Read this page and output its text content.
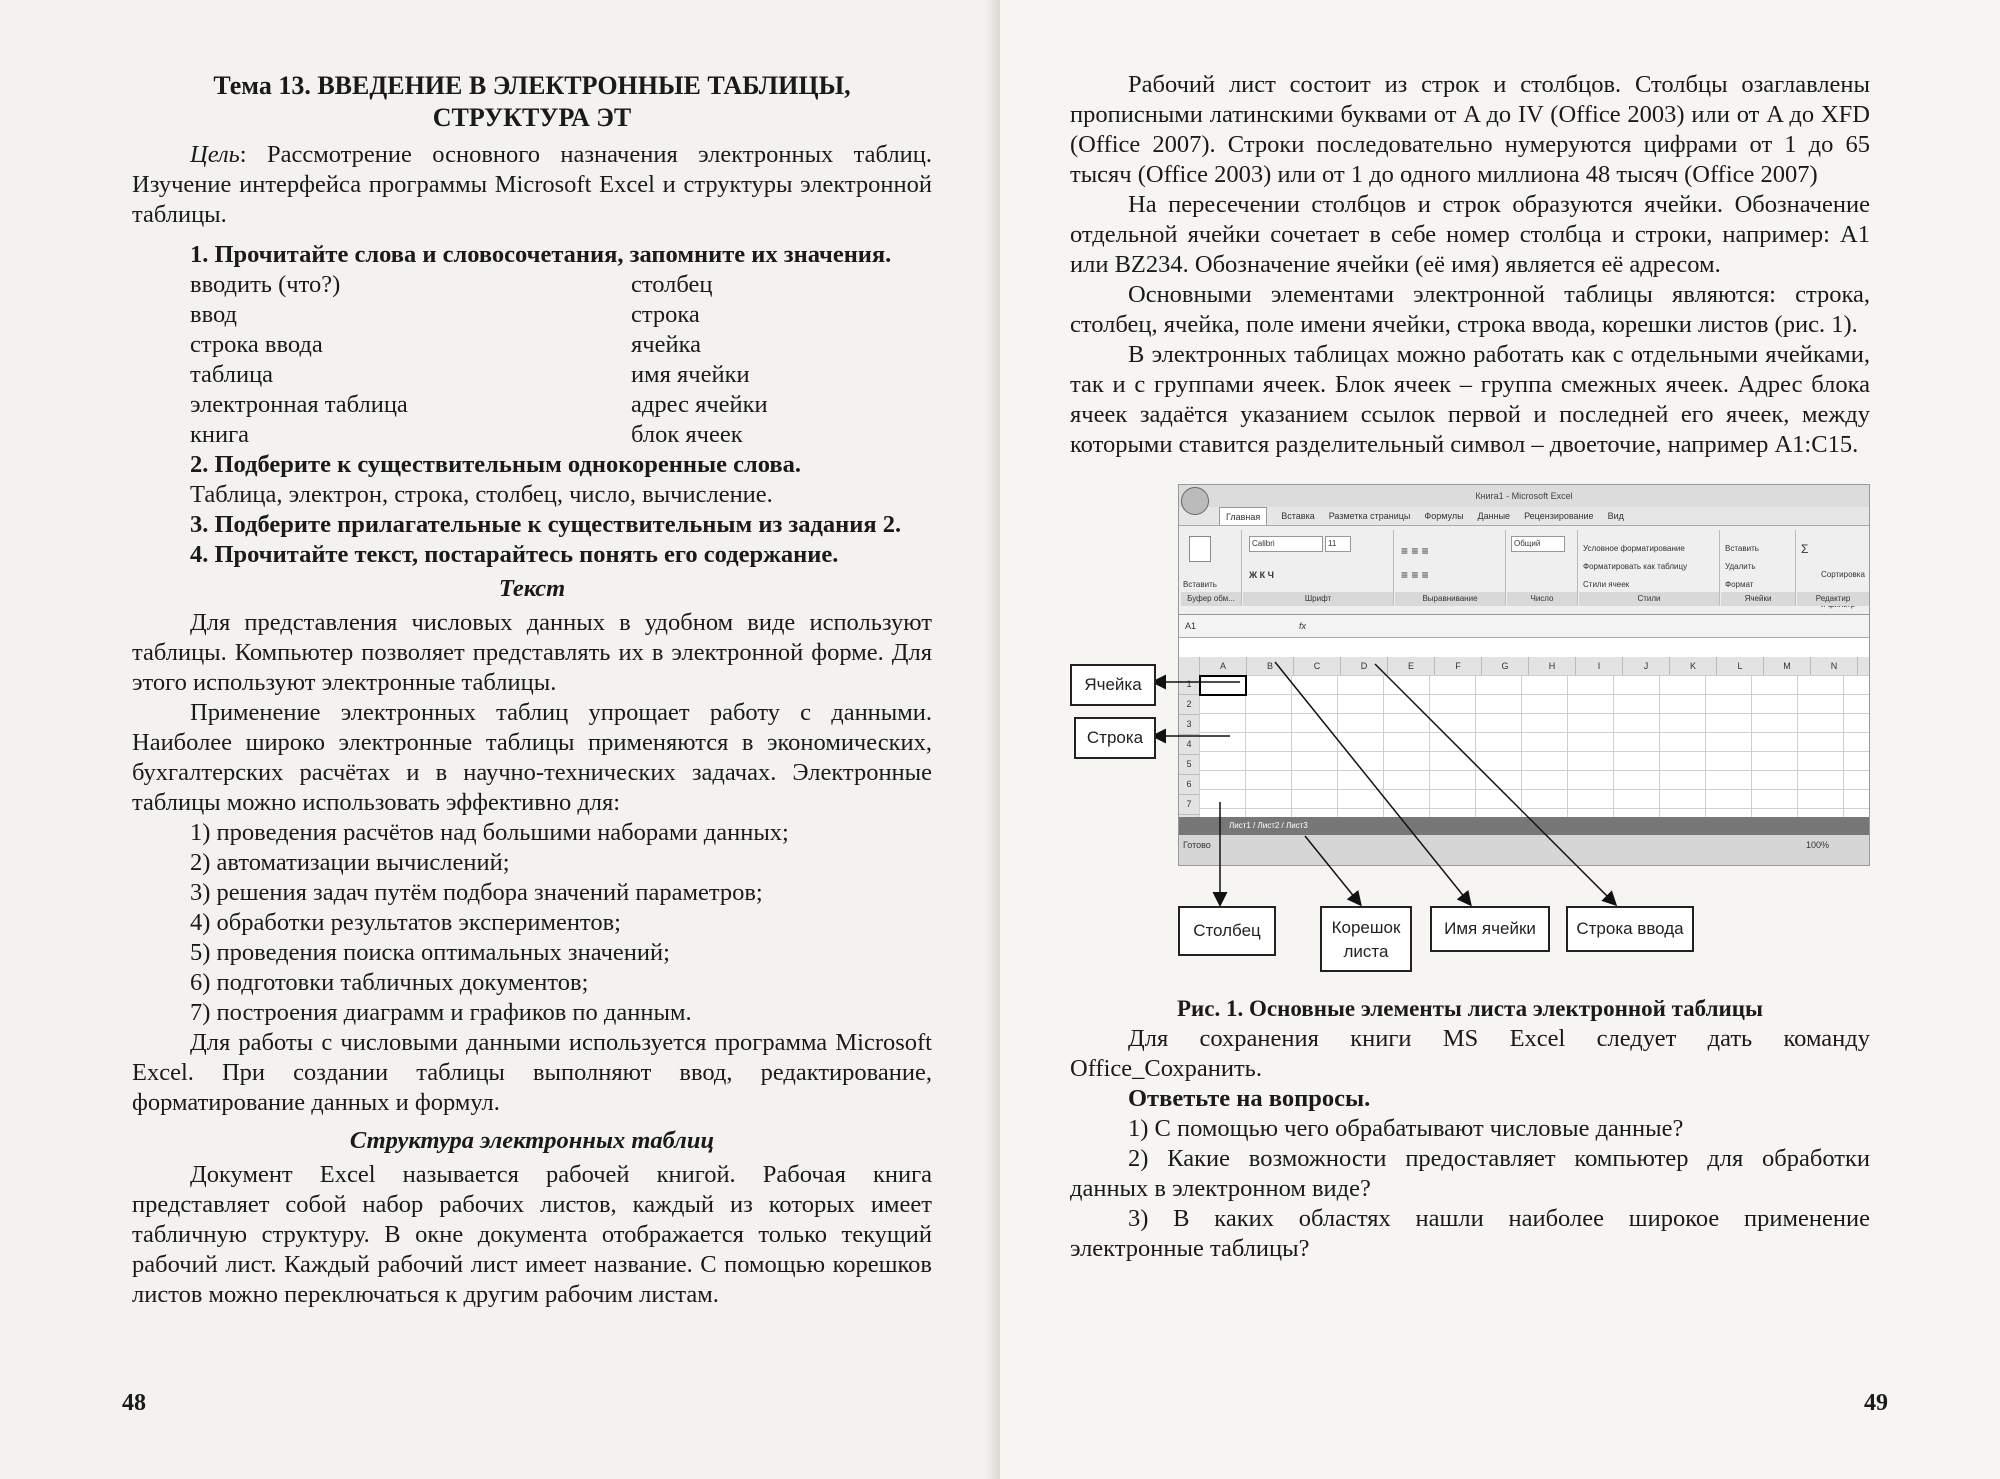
Тема 13. ВВЕДЕНИЕ В ЭЛЕКТРОННЫЕ ТАБЛИЦЫ,
СТРУКТУРА ЭТ

Цель: Рассмотрение основного назначения электронных таблиц. Изучение интерфейса программы Microsoft Excel и структуры электронной таблицы.

1. Прочитайте слова и словосочетания, запомните их значения.
вводить (что?)	столбец
ввод	строка
строка ввода	ячейка
таблица	имя ячейки
электронная таблица	адрес ячейки
книга	блок ячеек
2. Подберите к существительным однокоренные слова.

Таблица, электрон, строка, столбец, число, вычисление.

3. Подберите прилагательные к существительным из задания 2.
4. Прочитайте текст, постарайтесь понять его содержание.
Текст

Для представления числовых данных в удобном виде используют таблицы. Компьютер позволяет представлять их в электронной форме. Для этого используют электронные таблицы.

Применение электронных таблиц упрощает работу с данными. Наиболее широко электронные таблицы применяются в экономических, бухгалтерских расчётах и в научно-технических задачах. Электронные таблицы можно использовать эффективно для:

1) проведения расчётов над большими наборами данных;
2) автоматизации вычислений;
3) решения задач путём подбора значений параметров;
4) обработки результатов экспериментов;
5) проведения поиска оптимальных значений;
6) подготовки табличных документов;
7) построения диаграмм и графиков по данным.

Для работы с числовыми данными используется программа Microsoft Excel. При создании таблицы выполняют ввод, редактирование, форматирование данных и формул.

Структура электронных таблиц

Документ Excel называется рабочей книгой. Рабочая книга представляет собой набор рабочих листов, каждый из которых имеет табличную структуру. В окне документа отображается только текущий рабочий лист. Каждый рабочий лист имеет название. С помощью корешков листов можно переключаться к другим рабочим листам.

48

Рабочий лист состоит из строк и столбцов. Столбцы озаглавлены прописными латинскими буквами от A до IV (Office 2003) или от A до XFD (Office 2007). Строки последовательно нумеруются цифрами от 1 до 65 тысяч (Office 2003) или от 1 до одного миллиона 48 тысяч (Office 2007)

На пересечении столбцов и строк образуются ячейки. Обозначение отдельной ячейки сочетает в себе номер столбца и строки, например: A1 или BZ234. Обозначение ячейки (её имя) является её адресом.

Основными элементами электронной таблицы являются: строка, столбец, ячейка, поле имени ячейки, строка ввода, корешки листов (рис. 1).

В электронных таблицах можно работать как с отдельными ячейками, так и с группами ячеек. Блок ячеек – группа смежных ячеек. Адрес блока ячеек задаётся указанием ссылок первой и последней его ячеек, между которыми ставится разделительный символ – двоеточие, например A1:C15.

Книга1 - Microsoft Excel
Главная	Вставка Разметка страницы Формулы Данные Рецензирование Вид
Вставить
Буфер обм...
Calibri	11
Ж К Ч
Шрифт
≡ ≡ ≡
≡ ≡ ≡
Выравнивание
Общий
Число
Условное форматирование
Форматировать как таблицу
Стили ячеек
Стили
Вставить
Удалить
Формат
Ячейки
Σ
Сортировка
Редактир
A1	fx
A	B	C	D	E	F	G	H	I	J	K	L	M	N
1
2
3
4
5
6
7
Лист1 / Лист2 / Лист3
Готово	100%
Ячейка
Строка
Столбец	Корешок
листа
Имя ячейки	Строка ввода
Рис. 1. Основные элементы листа электронной таблицы

Для сохранения книги MS Excel следует дать команду Office_Сохранить.

Ответьте на вопросы.

1) С помощью чего обрабатывают числовые данные?

2) Какие возможности предоставляет компьютер для обработки данных в электронном виде?

3) В каких областях нашли наиболее широкое применение электронные таблицы?

49
